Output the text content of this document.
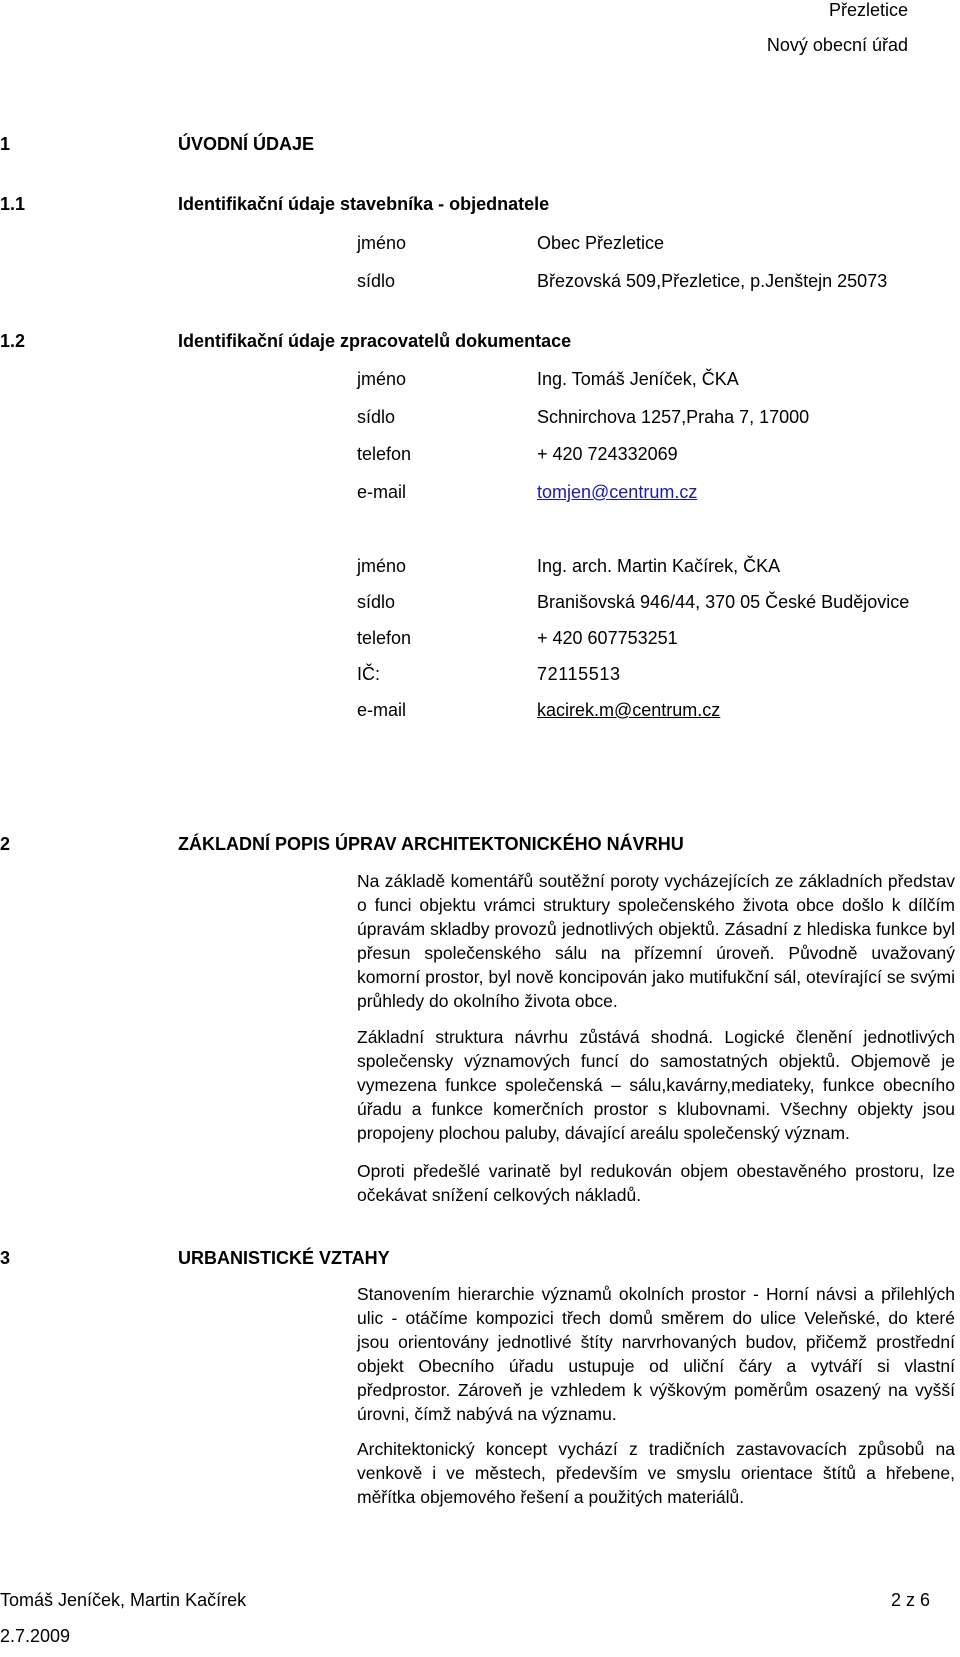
Přezletice
Nový obecní úřad
1	ÚVODNÍ ÚDAJE
1.1	Identifikační údaje stavebníka - objednatele
jméno	Obec Přezletice
sídlo	Březovská 509,Přezletice, p.Jenštejn 25073
1.2	Identifikační údaje zpracovatelů dokumentace
jméno	Ing. Tomáš Jeníček, ČKA
sídlo	Schnirchova 1257,Praha 7, 17000
telefon	+ 420 724332069
e-mail	tomjen@centrum.cz
jméno	Ing. arch. Martin Kačírek, ČKA
sídlo	Branišovská 946/44, 370 05 České Budějovice
telefon	+ 420 607753251
IČ:	72115513
e-mail	kacirek.m@centrum.cz
2	ZÁKLADNÍ POPIS ÚPRAV ARCHITEKTONICKÉHO NÁVRHU
Na základě komentářů soutěžní poroty vycházejících ze základních představ o funci objektu vrámci struktury společenského života obce došlo k dílčím úpravám skladby provozů jednotlivých objektů. Zásadní z hlediska funkce byl přesun společenského sálu na přízemní úroveň. Původně uvažovaný komorní prostor, byl nově koncipován jako mutifukční sál, otevírající se svými průhledy do okolního života obce.
Základní struktura návrhu zůstává shodná. Logické členění jednotlivých společensky významových funcí do samostatných objektů. Objemově je vymezena funkce společenská – sálu,kavárny,mediateky, funkce obecního úřadu a funkce komerčních prostor s klubovnami. Všechny objekty jsou propojeny plochou paluby, dávající areálu společenský význam.
Oproti předešlé varinatě byl redukován objem obestavěného prostoru, lze očekávat snížení celkových nákladů.
3	URBANISTICKÉ VZTAHY
Stanovením hierarchie významů okolních prostor - Horní návsi a přilehlých ulic - otáčíme kompozici třech domů směrem do ulice Veleňské, do které jsou orientovány jednotlivé štíty narvrhovaných budov, přičemž prostřední objekt Obecního úřadu ustupuje od uliční čáry a vytváří si vlastní předprostor. Zároveň je vzhledem k výškovým poměrům osazený na vyšší úrovni, čímž nabývá na významu.
Architektonický koncept vychází z tradičních zastavovacích způsobů na venkově i ve městech, především ve smyslu orientace štítů a hřebene, měřítka objemového řešení a použitých materiálů.
Tomáš Jeníček, Martin Kačírek	2 z 6
2.7.2009
